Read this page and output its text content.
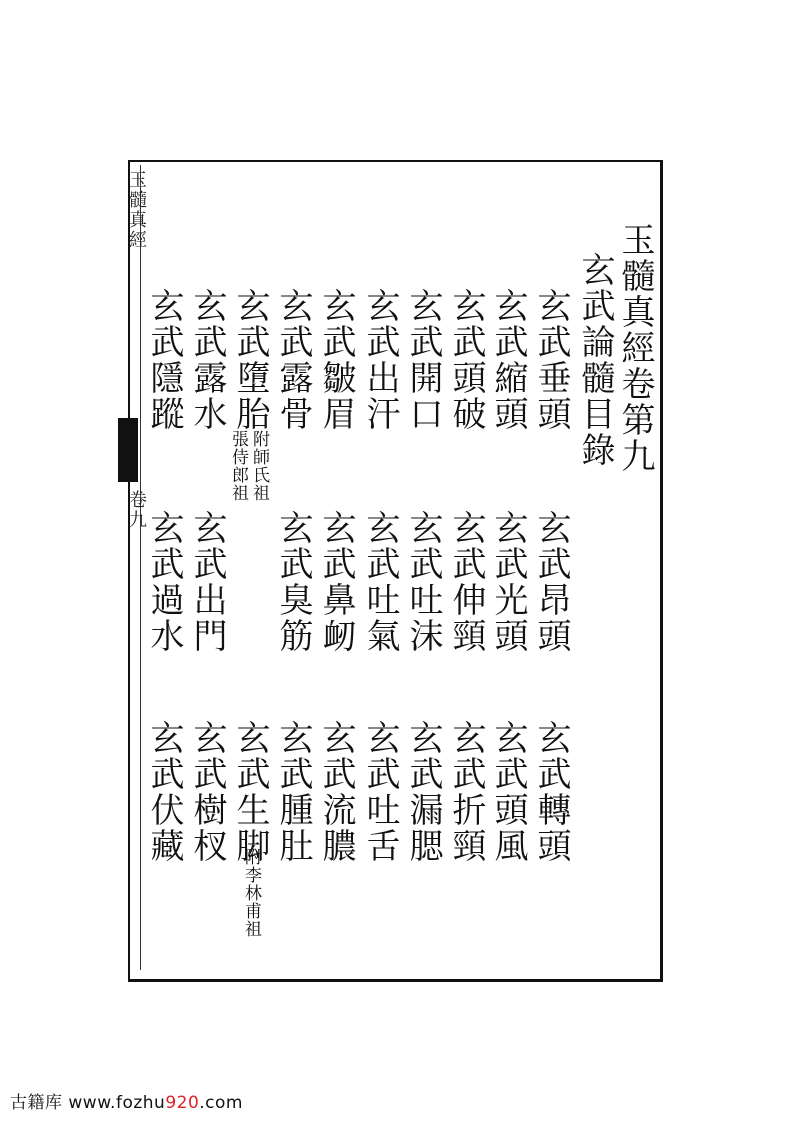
玉髓真經
卷九
玉髓真經卷第九
玄武論髓目錄
玄武垂頭
玄武縮頭
玄武頭破
玄武開口
玄武出汗
玄武皺眉
玄武露骨
玄武墮胎
玄武露水
玄武隱蹤
附師氏祖
張侍郎祖
玄武昂頭
玄武光頭
玄武伸頸
玄武吐沫
玄武吐氣
玄武鼻衂
玄武臭筋
玄武出門
玄武過水
玄武轉頭
玄武頭風
玄武折頸
玄武漏腮
玄武吐舌
玄武流膿
玄武腫肚
玄武生脚
玄武樹杈
玄武伏藏
附李林甫祖
古籍库 www.fozhu920.com
